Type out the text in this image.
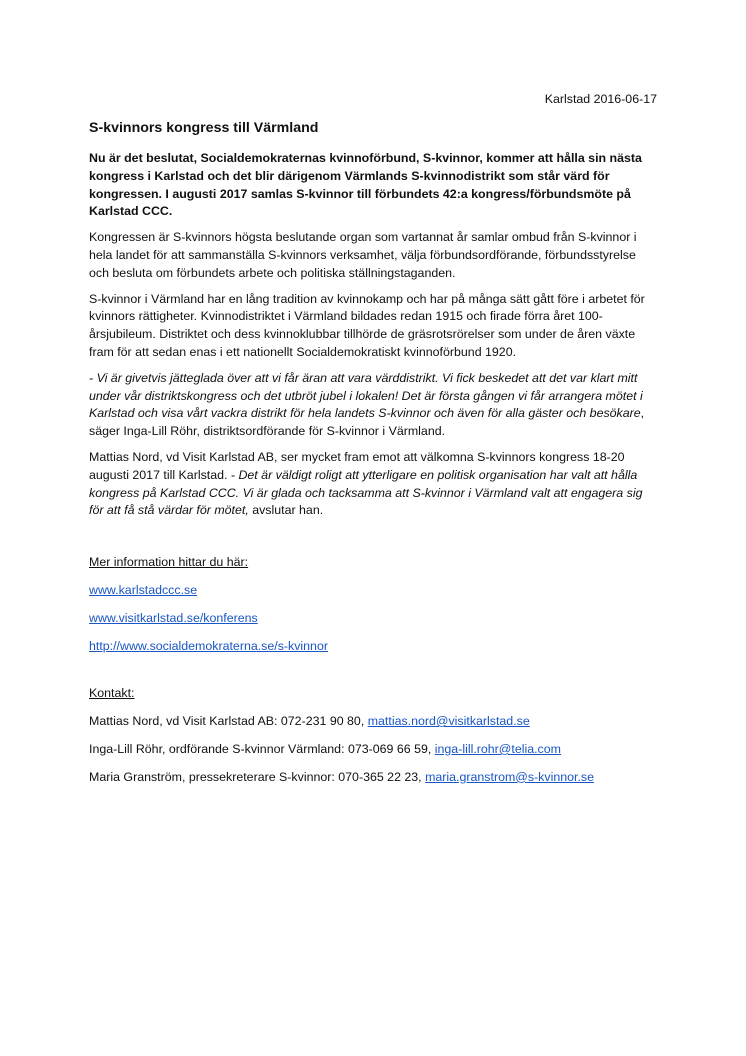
Karlstad 2016-06-17
S-kvinnors kongress till Värmland

Nu är det beslutat, Socialdemokraternas kvinnoförbund, S-kvinnor, kommer att hålla sin nästa kongress i Karlstad och det blir därigenom Värmlands S-kvinnodistrikt som står värd för kongressen. I augusti 2017 samlas S-kvinnor till förbundets 42:a kongress/förbundsmöte på Karlstad CCC.

Kongressen är S-kvinnors högsta beslutande organ som vartannat år samlar ombud från S-kvinnor i hela landet för att sammanställa S-kvinnors verksamhet, välja förbundsordförande, förbundsstyrelse och besluta om förbundets arbete och politiska ställningstaganden.

S-kvinnor i Värmland har en lång tradition av kvinnokamp och har på många sätt gått före i arbetet för kvinnors rättigheter. Kvinnodistriktet i Värmland bildades redan 1915 och firade förra året 100-årsjubileum. Distriktet och dess kvinnoklubbar tillhörde de gräsrotsrörelser som under de åren växte fram för att sedan enas i ett nationellt Socialdemokratiskt kvinnoförbund 1920.

- Vi är givetvis jätteglada över att vi får äran att vara värddistrikt. Vi fick beskedet att det var klart mitt under vår distriktskongress och det utbröt jubel i lokalen! Det är första gången vi får arrangera mötet i Karlstad och visa vårt vackra distrikt för hela landets S-kvinnor och även för alla gäster och besökare, säger Inga-Lill Röhr, distriktsordförande för S-kvinnor i Värmland.

Mattias Nord, vd Visit Karlstad AB, ser mycket fram emot att välkomna S-kvinnors kongress 18-20 augusti 2017 till Karlstad. - Det är väldigt roligt att ytterligare en politisk organisation har valt att hålla kongress på Karlstad CCC. Vi är glada och tacksamma att S-kvinnor i Värmland valt att engagera sig för att få stå värdar för mötet, avslutar han.

Mer information hittar du här:
www.karlstadccc.se
www.visitkarlstad.se/konferens
http://www.socialdemokraterna.se/s-kvinnor
Kontakt:
Mattias Nord, vd Visit Karlstad AB: 072-231 90 80, mattias.nord@visitkarlstad.se
Inga-Lill Röhr, ordförande S-kvinnor Värmland: 073-069 66 59, inga-lill.rohr@telia.com
Maria Granström, pressekreterare S-kvinnor: 070-365 22 23, maria.granstrom@s-kvinnor.se
